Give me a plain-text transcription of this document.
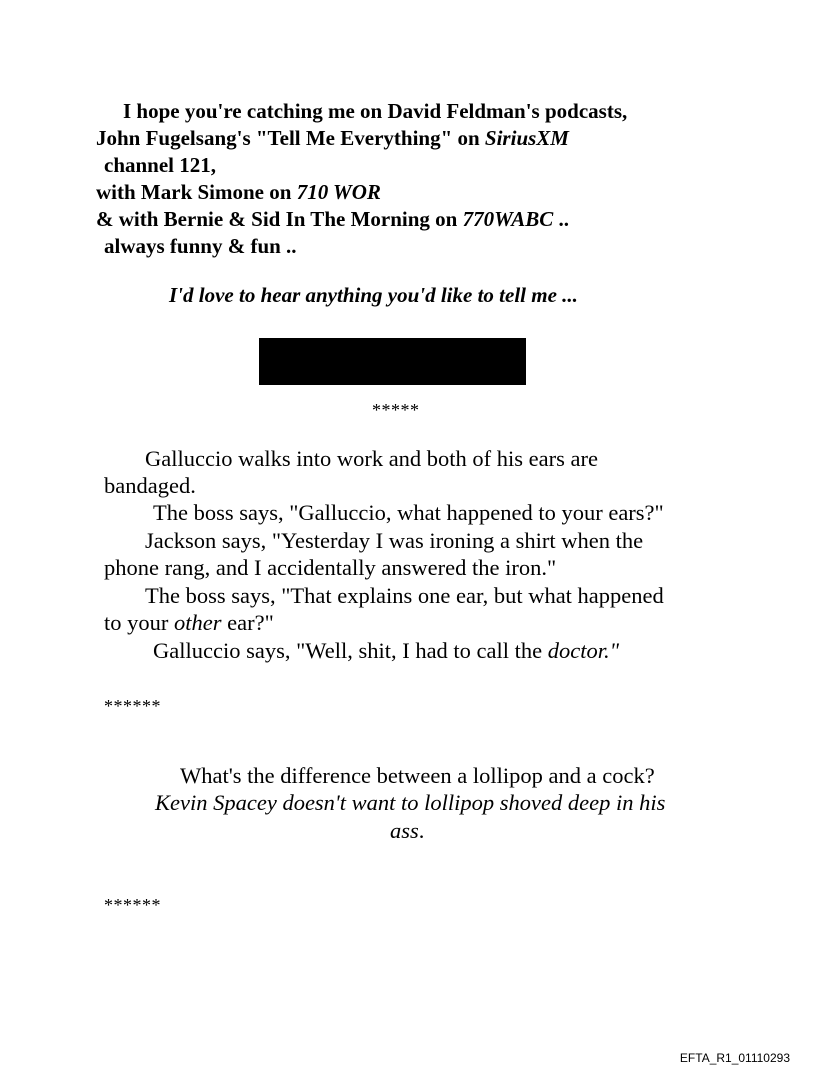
I hope you're catching me on David Feldman's podcasts,
John Fugelsang's "Tell Me Everything" on SiriusXM
channel 121,
with Mark Simone on 710 WOR
& with Bernie & Sid In The Morning on 770WABC ..
always funny & fun ..
I'd love to hear anything you'd like to tell me ...
*****
Galluccio walks into work and both of his ears are
bandaged.
The boss says, "Galluccio, what happened to your ears?"
Jackson says, "Yesterday I was ironing a shirt when the
phone rang, and I accidentally answered the iron."
The boss says, "That explains one ear, but what happened
to your other ear?"
Galluccio says, "Well, shit, I had to call the doctor."
******
What's the difference between a lollipop and a cock?
Kevin Spacey doesn't want to lollipop shoved deep in his
ass.
******
EFTA_R1_01110293
